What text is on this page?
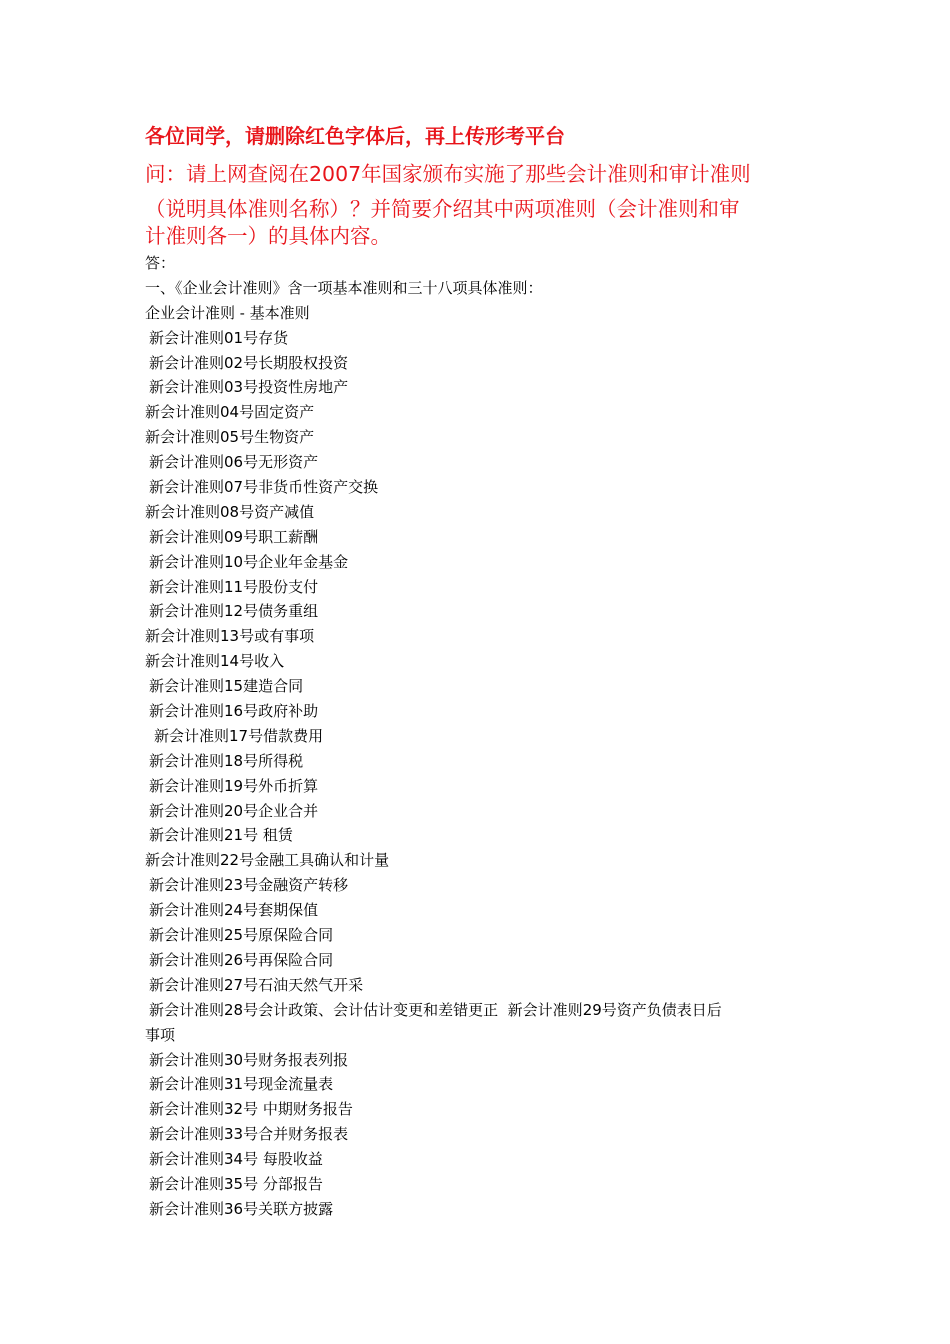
各位同学，请删除红色字体后，再上传形考平台
问：请上网查阅在2007年国家颁布实施了那些会计准则和审计准则
（说明具体准则名称）？并简要介绍其中两项准则（会计准则和审
计准则各一）的具体内容。
答：
一、《企业会计准则》含一项基本准则和三十八项具体准则：
企业会计准则 - 基本准则
新会计准则01号存货
新会计准则02号长期股权投资
新会计准则03号投资性房地产
新会计准则04号固定资产
新会计准则05号生物资产
新会计准则06号无形资产
新会计准则07号非货币性资产交换
新会计准则08号资产减值
新会计准则09号职工薪酬
新会计准则10号企业年金基金
新会计准则11号股份支付
新会计准则12号债务重组
新会计准则13号或有事项
新会计准则14号收入
新会计准则15建造合同
新会计准则16号政府补助
新会计准则17号借款费用
新会计准则18号所得税
新会计准则19号外币折算
新会计准则20号企业合并
新会计准则21号 租赁
新会计准则22号金融工具确认和计量
新会计准则23号金融资产转移
新会计准则24号套期保值
新会计准则25号原保险合同
新会计准则26号再保险合同
新会计准则27号石油天然气开采
新会计准则28号会计政策、会计估计变更和差错更正 新会计准则29号资产负债表日后
事项
新会计准则30号财务报表列报
新会计准则31号现金流量表
新会计准则32号 中期财务报告
新会计准则33号合并财务报表
新会计准则34号 每股收益
新会计准则35号 分部报告
新会计准则36号关联方披露
